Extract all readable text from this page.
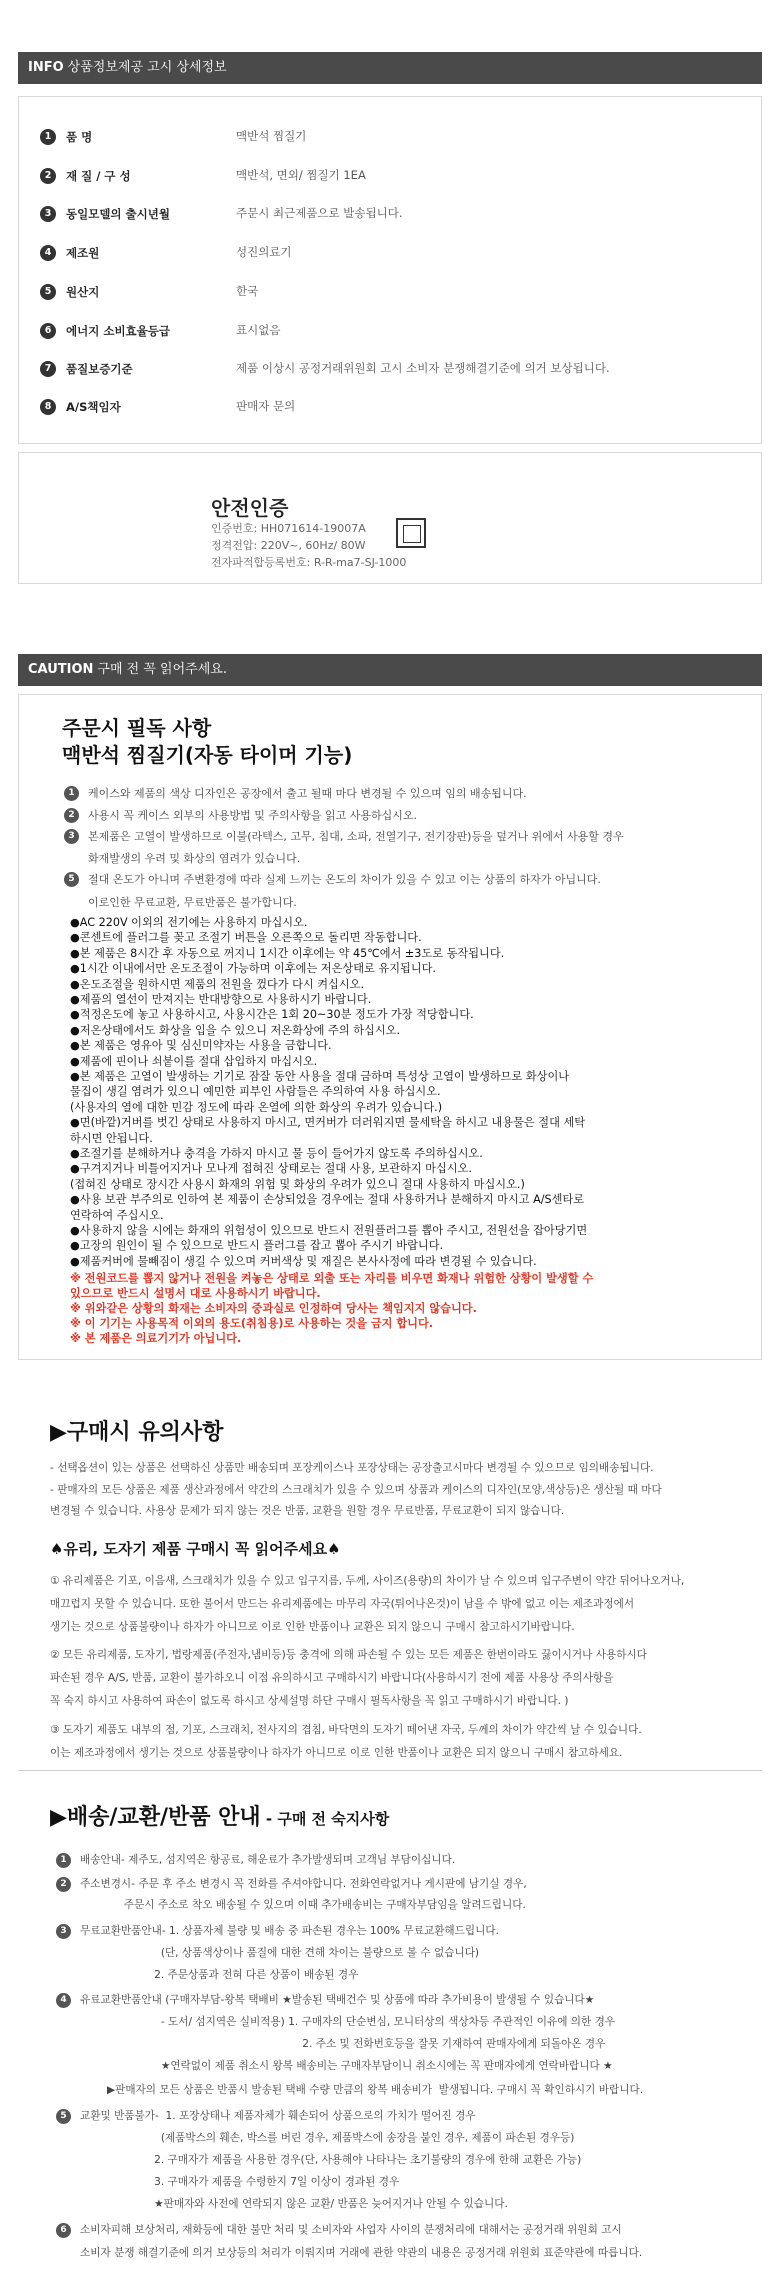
INFO 상품정보제공 고시 상세정보
1	품 명	맥반석 찜질기
2	재 질 / 구 성	맥반석, 면외/ 찜질기 1EA
3	동일모델의 출시년월	주문시 최근제품으로 발송됩니다.
4	제조원	성진의료기
5	원산지	한국
6	에너지 소비효율등급	표시없음
7	품질보증기준	제품 이상시 공정거래위원회 고시 소비자 분쟁해결기준에 의거 보상됩니다.
8	A/S책임자	판매자 문의
안전인증
인증번호: HH071614-19007A
정격전압: 220V~, 60Hz/ 80W
전자파적합등록번호: R-R-ma7-SJ-1000
CAUTION 구매 전 꼭 읽어주세요.
주문시 필독 사항
맥반석 찜질기(자동 타이머 기능)
1	케이스와 제품의 색상 디자인은 공장에서 출고 될때 마다 변경될 수 있으며 임의 배송됩니다.
2	사용시 꼭 케이스 외부의 사용방법 및 주의사항을 읽고 사용하십시오.
3	본제품은 고열이 발생하므로 이불(라텍스, 고무, 침대, 소파, 전열기구, 전기장판)등을 덮거나 위에서 사용할 경우
화재발생의 우려 및 화상의 염려가 있습니다.
5	절대 온도가 아니며 주변환경에 따라 실제 느끼는 온도의 차이가 있을 수 있고 이는 상품의 하자가 아닙니다.
이로인한 무료교환, 무료반품은 불가합니다.
●AC 220V 이외의 전기에는 사용하지 마십시오.
●콘센트에 플러그를 꽂고 조절기 버튼을 오른쪽으로 돌리면 작동합니다.
●본 제품은 8시간 후 자동으로 꺼지니 1시간 이후에는 약 45℃에서 ±3도로 동작됩니다.
●1시간 이내에서만 온도조절이 가능하며 이후에는 저온상태로 유지됩니다.
●온도조절을 원하시면 제품의 전원을 껐다가 다시 켜십시오.
●제품의 열선이 만져지는 반대방향으로 사용하시기 바랍니다.
●적정온도에 놓고 사용하시고, 사용시간은 1회 20~30분 정도가 가장 적당합니다.
●저온상태에서도 화상을 입을 수 있으니 저온화상에 주의 하십시오.
●본 제품은 영유아 및 심신미약자는 사용을 금합니다.
●제품에 핀이나 쇠붙이를 절대 삽입하지 마십시오.
●본 제품은 고열이 발생하는 기기로 잠잘 동안 사용을 절대 금하며 특성상 고열이 발생하므로 화상이나
물집이 생길 염려가 있으니 예민한 피부인 사람들은 주의하여 사용 하십시오.
(사용자의 열에 대한 민감 정도에 따라 온열에 의한 화상의 우려가 있습니다.)
●면(바깥)거버를 벗긴 상태로 사용하지 마시고, 면커버가 더러워지면 물세탁을 하시고 내용물은 절대 세탁
하시면 안됩니다.
●조절기를 분해하거나 충격을 가하지 마시고 물 등이 들어가지 않도록 주의하십시오.
●구겨지거나 비틀어지거나 모나게 접혀진 상태로는 절대 사용, 보관하지 마십시오.
(접혀진 상태로 장시간 사용시 화재의 위험 및 화상의 우려가 있으니 절대 사용하지 마십시오.)
●사용 보관 부주의로 인하여 본 제품이 손상되었을 경우에는 절대 사용하거나 분해하지 마시고 A/S센타로
연락하여 주십시오.
●사용하지 않을 시에는 화재의 위험성이 있으므로 반드시 전원플러그를 뽑아 주시고, 전원선을 잡아당기면
●고장의 원인이 될 수 있으므로 반드시 플러그를 잡고 뽑아 주시기 바랍니다.
●제품커버에 물빼짐이 생길 수 있으며 커버색상 및 재질은 본사사정에 따라 변경될 수 있습니다.
※ 전원코드를 뽑지 않거나 전원을 켜놓은 상태로 외출 또는 자리를 비우면 화재나 위험한 상황이 발생할 수
있으므로 반드시 설명서 대로 사용하시기 바랍니다.
※ 위와같은 상황의 화재는 소비자의 중과실로 인정하여 당사는 책임지지 않습니다.
※ 이 기기는 사용목적 이외의 용도(취침용)로 사용하는 것을 금지 합니다.
※ 본 제품은 의료기기가 아닙니다.
▶구매시 유의사항
- 선택옵션이 있는 상품은 선택하신 상품만 배송되며 포장케이스나 포장상태는 공장출고시마다 변경될 수 있으므로 임의배송됩니다.
- 판매자의 모든 상품은 제품 생산과정에서 약간의 스크래치가 있을 수 있으며 상품과 케이스의 디자인(모양,색상등)은 생산될 때 마다
변경될 수 있습니다. 사용상 문제가 되지 않는 것은 반품, 교환을 원할 경우 무료반품, 무료교환이 되지 않습니다.
♠유리, 도자기 제품 구매시 꼭 읽어주세요♠
① 유리제품은 기포, 이음새, 스크래치가 있을 수 있고 입구지름, 두께, 사이즈(용량)의 차이가 날 수 있으며 입구주변이 약간 뒤어나오거나,
매끄럽지 못할 수 있습니다. 또한 불어서 만드는 유리제품에는 마무리 자국(튀어나온것)이 남을 수 밖에 없고 이는 제조과정에서
생기는 것으로 상품불량이나 하자가 아니므로 이로 인한 반품이나 교환은 되지 않으니 구매시 참고하시기바랍니다.
② 모든 유리제품, 도자기, 법랑제품(주전자,냄비등)등 충격에 의해 파손될 수 있는 모든 제품은 한번이라도 끓이시거나 사용하시다
파손된 경우 A/S, 반품, 교환이 불가하오니 이점 유의하시고 구매하시기 바랍니다(사용하시기 전에 제품 사용상 주의사항을
꼭 숙지 하시고 사용하여 파손이 없도록 하시고 상세설명 하단 구매시 필독사항을 꼭 읽고 구매하시기 바랍니다. )
③ 도자기 제품도 내부의 점, 기포, 스크래치, 전사지의 겹침, 바닥면의 도자기 떼어낸 자국, 두께의 차이가 약간씩 날 수 있습니다.
이는 제조과정에서 생기는 것으로 상품불량이나 하자가 아니므로 이로 인한 반품이나 교환은 되지 않으니 구매시 참고하세요.
▶배송/교환/반품 안내 - 구매 전 숙지사항
1	배송안내- 제주도, 섬지역은 항공료, 해운료가 추가발생되며 고객님 부담이십니다.
2	주소변경시- 주문 후 주소 변경시 꼭 전화를 주셔야합니다. 전화연락없거나 게시판에 남기실 경우,
주문시 주소로 착오 배송될 수 있으며 이때 추가배송비는 구매자부담임을 알려드립니다.
3	무료교환반품안내- 1. 상품자체 불량 및 배송 중 파손된 경우는 100% 무료교환해드립니다.
(단, 상품색상이나 품질에 대한 견해 차이는 불량으로 볼 수 없습니다)
2. 주문상품과 전혀 다른 상품이 배송된 경우
4	유료교환반품안내 (구매자부담-왕복 택배비 ★발송된 택배건수 및 상품에 따라 추가비용이 발생될 수 있습니다★
- 도서/ 섬지역은 실비적용) 1. 구매자의 단순변심, 모니터상의 색상차등 주관적인 이유에 의한 경우
2. 주소 및 전화번호등을 잘못 기재하여 판매자에게 되돌아온 경우
★연락없이 제품 취소시 왕복 배송비는 구매자부담이니 취소시에는 꼭 판매자에게 연락바랍니다 ★
▶판매자의 모든 상품은 반품시 발송된 택배 수량 만큼의 왕복 배송비가  발생됩니다. 구매시 꼭 확인하시기 바랍니다.
5	교환및 반품불가-  1. 포장상태나 제품자체가 훼손되어 상품으로의 가치가 떨어진 경우
(제품박스의 훼손, 박스를 버린 경우, 제품박스에 송장을 붙인 경우, 제품이 파손된 경우등)
2. 구매자가 제품을 사용한 경우(단, 사용해야 나타나는 초기불량의 경우에 한해 교환은 가능)
3. 구매자가 제품을 수령한지 7일 이상이 경과된 경우
★판매자와 사전에 연락되지 않은 교환/ 반품은 늦어지거나 안될 수 있습니다.
6	소비자피해 보상처리, 재화등에 대한 불만 처리 및 소비자와 사업자 사이의 분쟁처리에 대해서는 공정거래 위원회 고시
소비자 분쟁 해결기준에 의거 보상등의 처리가 이뤄지며 거래에 관한 약관의 내용은 공정거래 위원회 표준약관에 따릅니다.
